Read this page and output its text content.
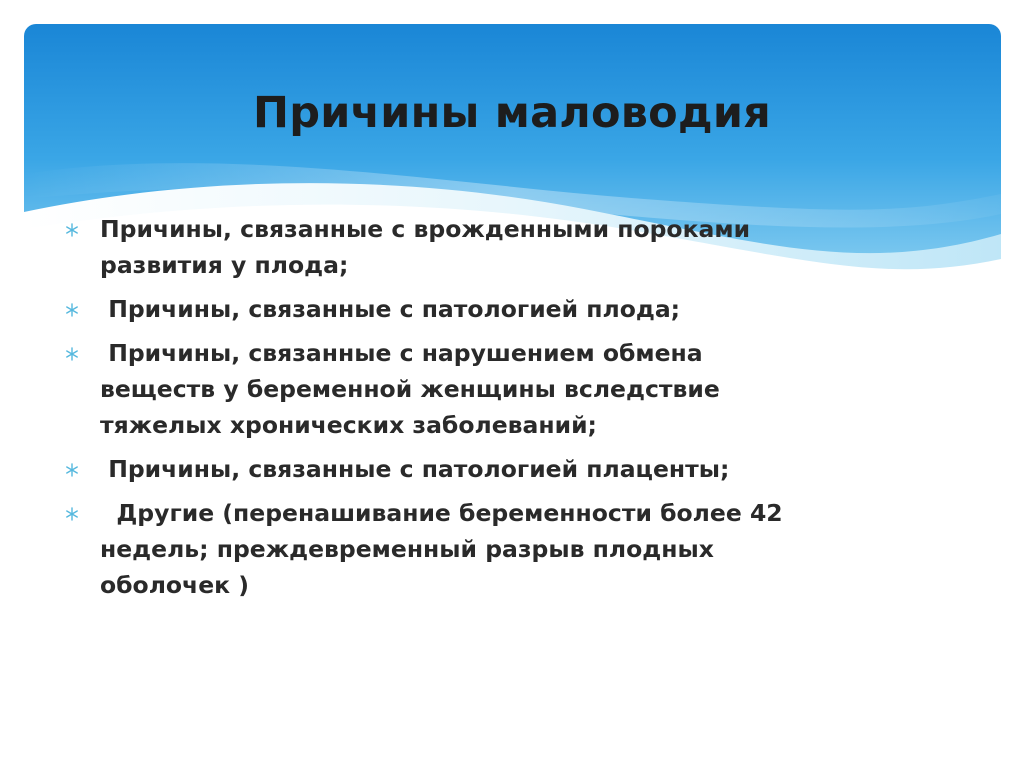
Причины маловодия
Причины, связанные с врожденными пороками развития у плода;
Причины, связанные с патологией плода;
Причины, связанные с нарушением обмена веществ у беременной женщины вследствие тяжелых хронических заболеваний;
Причины, связанные с патологией плаценты;
Другие (перенашивание беременности более 42 недель; преждевременный разрыв плодных оболочек )
